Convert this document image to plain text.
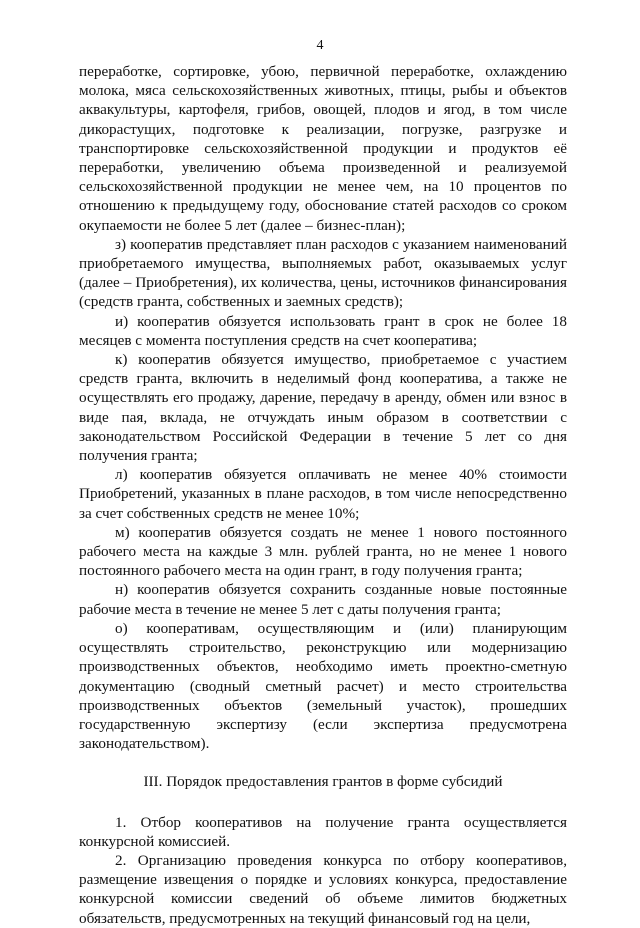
4

переработке, сортировке, убою, первичной переработке, охлаждению молока, мяса сельскохозяйственных животных, птицы, рыбы и объектов аквакультуры, картофеля, грибов, овощей, плодов и ягод, в том числе дикорастущих, подготовке к реализации, погрузке, разгрузке и транспортировке сельскохозяйственной продукции и продуктов её переработки, увеличению объема произведенной и реализуемой сельскохозяйственной продукции не менее чем, на 10 процентов по отношению к предыдущему году, обоснование статей расходов со сроком окупаемости не более 5 лет (далее – бизнес-план);

з) кооператив представляет план расходов с указанием наименований приобретаемого имущества, выполняемых работ, оказываемых услуг (далее – Приобретения), их количества, цены, источников финансирования (средств гранта, собственных и заемных средств);

и) кооператив обязуется использовать грант в срок не более 18 месяцев с момента поступления средств на счет кооператива;

к) кооператив обязуется имущество, приобретаемое с участием средств гранта, включить в неделимый фонд кооператива, а также не осуществлять его продажу, дарение, передачу в аренду, обмен или взнос в виде пая, вклада, не отчуждать иным образом в соответствии с законодательством Российской Федерации в течение 5 лет со дня получения гранта;

л) кооператив обязуется оплачивать не менее 40% стоимости Приобретений, указанных в плане расходов, в том числе непосредственно за счет собственных средств не менее 10%;

м) кооператив обязуется создать не менее 1 нового постоянного рабочего места на каждые 3 млн. рублей гранта, но не менее 1 нового постоянного рабочего места на один грант, в году получения гранта;

н) кооператив обязуется сохранить созданные новые постоянные рабочие места в течение не менее 5 лет с даты получения гранта;

о) кооперативам, осуществляющим и (или) планирующим осуществлять строительство, реконструкцию или модернизацию производственных объектов, необходимо иметь проектно-сметную документацию (сводный сметный расчет) и место строительства производственных объектов (земельный участок), прошедших государственную экспертизу (если экспертиза предусмотрена законодательством).

III. Порядок предоставления грантов в форме субсидий

1. Отбор кооперативов на получение гранта осуществляется конкурсной комиссией.

2. Организацию проведения конкурса по отбору кооперативов, размещение извещения о порядке и условиях конкурса, предоставление конкурсной комиссии сведений об объеме лимитов бюджетных обязательств, предусмотренных на текущий финансовый год на цели,
